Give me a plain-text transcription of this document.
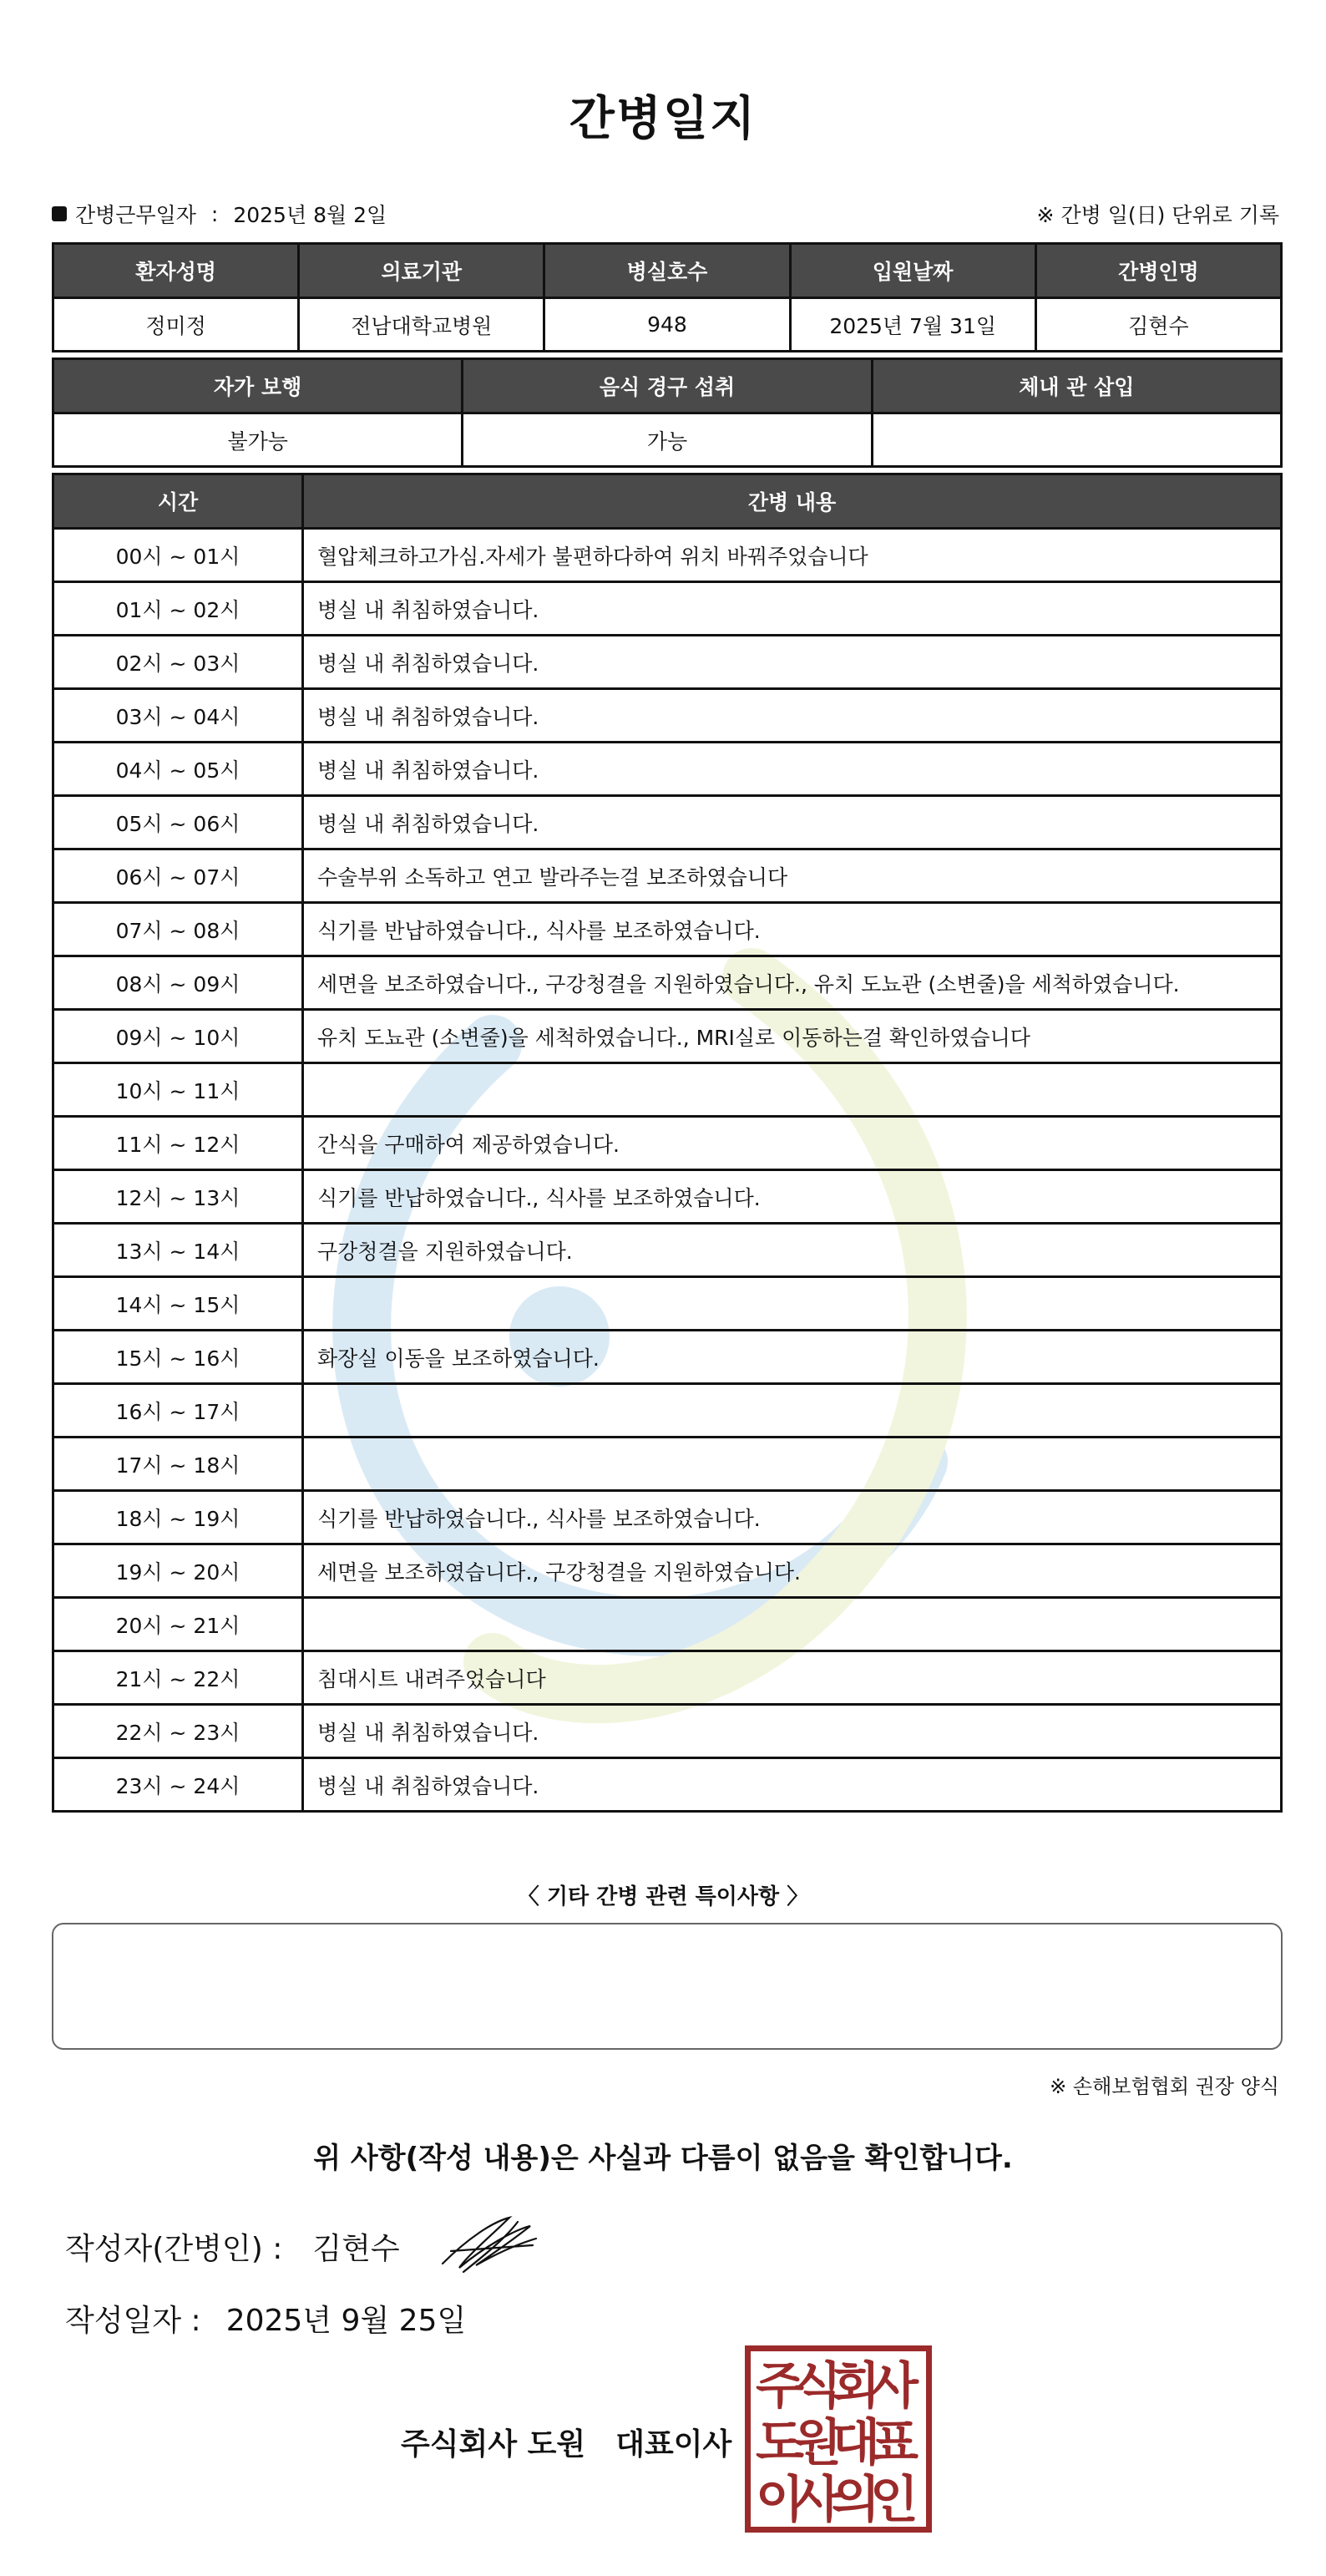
간병일지
간병근무일자 : 2025년 8월 2일	※ 간병 일(日) 단위로 기록
환자성명	의료기관	병실호수	입원날짜	간병인명
정미정	전남대학교병원	948	2025년 7월 31일	김현수
자가 보행	음식 경구 섭취	체내 관 삽입
불가능	가능	
시간	간병 내용
00시 ~ 01시	혈압체크하고가심.자세가 불편하다하여 위치 바꿔주었습니다
01시 ~ 02시	병실 내 취침하였습니다.
02시 ~ 03시	병실 내 취침하였습니다.
03시 ~ 04시	병실 내 취침하였습니다.
04시 ~ 05시	병실 내 취침하였습니다.
05시 ~ 06시	병실 내 취침하였습니다.
06시 ~ 07시	수술부위 소독하고 연고 발라주는걸 보조하였습니다
07시 ~ 08시	식기를 반납하였습니다., 식사를 보조하였습니다.
08시 ~ 09시	세면을 보조하였습니다., 구강청결을 지원하였습니다., 유치 도뇨관 (소변줄)을 세척하였습니다.
09시 ~ 10시	유치 도뇨관 (소변줄)을 세척하였습니다., MRI실로 이동하는걸 확인하였습니다
10시 ~ 11시	
11시 ~ 12시	간식을 구매하여 제공하였습니다.
12시 ~ 13시	식기를 반납하였습니다., 식사를 보조하였습니다.
13시 ~ 14시	구강청결을 지원하였습니다.
14시 ~ 15시	
15시 ~ 16시	화장실 이동을 보조하였습니다.
16시 ~ 17시	
17시 ~ 18시	
18시 ~ 19시	식기를 반납하였습니다., 식사를 보조하였습니다.
19시 ~ 20시	세면을 보조하였습니다., 구강청결을 지원하였습니다.
20시 ~ 21시	
21시 ~ 22시	침대시트 내려주었습니다
22시 ~ 23시	병실 내 취침하였습니다.
23시 ~ 24시	병실 내 취침하였습니다.
〈 기타 간병 관련 특이사항 〉
※ 손해보험협회 권장 양식
위 사항(작성 내용)은 사실과 다름이 없음을 확인합니다.
작성자(간병인) : 김현수
작성일자 : 2025년 9월 25일
주식회사 도원 대표이사
주
식
회
사
도
원
대
표
이
사
의
인
